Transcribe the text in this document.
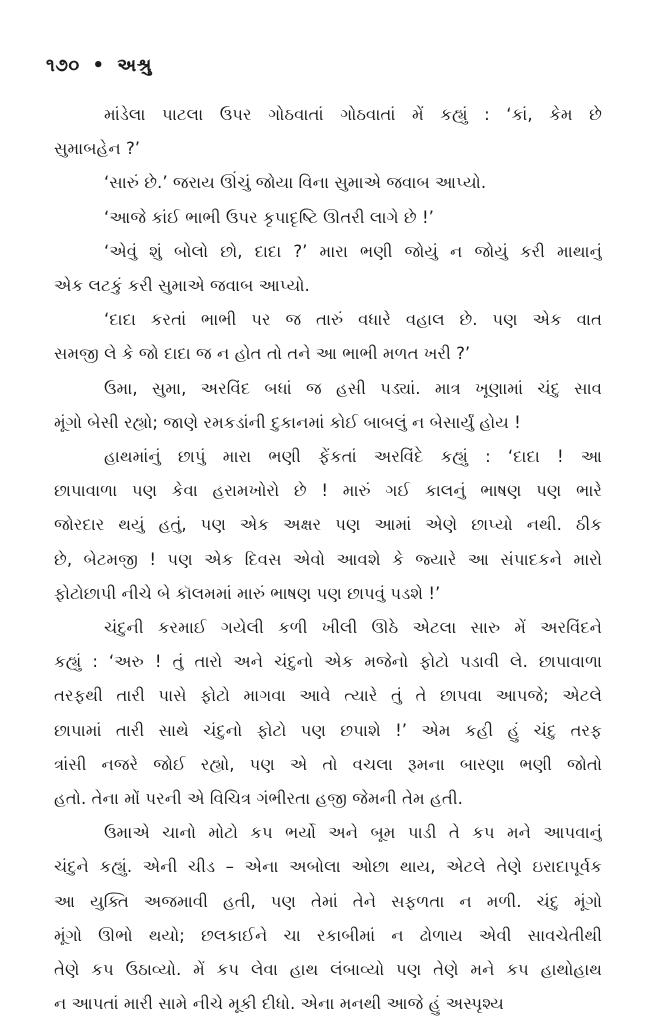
૧૭૦ • અશ્રુ
માંડેલા પાટલા ઉપર ગોઠવાતાં ગોઠવાતાં મેં કહ્યું : ‘કાં, કેમ છે
સુમાબહેન ?’
‘સારું છે.’ જરાય ઊંચું જોયા વિના સુમાએ જવાબ આપ્યો.
‘આજે કાંઈ ભાભી ઉપર કૃપાદૃષ્ટિ ઊતરી લાગે છે !’
‘એવું શું બોલો છો, દાદા ?’ મારા ભણી જોયું ન જોયું કરી માથાનું
એક લટકું કરી સુમાએ જવાબ આપ્યો.
‘દાદા કરતાં ભાભી પર જ તારું વધારે વહાલ છે. પણ એક વાત
સમજી લે કે જો દાદા જ ન હોત તો તને આ ભાભી મળત ખરી ?’
ઉમા, સુમા, અરવિંદ બધાં જ હસી પડ્યાં. માત્ર ખૂણામાં ચંદુ સાવ
મૂંગો બેસી રહ્યો; જાણે રમકડાંની દુકાનમાં કોઈ બાબલું ન બેસાર્યું હોય !
હાથમાંનું છાપું મારા ભણી ફેંકતાં અરવિંદે કહ્યું : ‘દાદા ! આ
છાપાવાળા પણ કેવા હરામખોરો છે ! મારું ગઈ કાલનું ભાષણ પણ ભારે
જોરદાર થયું હતું, પણ એક અક્ષર પણ આમાં એણે છાપ્યો નથી. ઠીક
છે, બેટમજી ! પણ એક દિવસ એવો આવશે કે જ્યારે આ સંપાદકને મારો
ફોટોછાપી નીચે બે કૉલમમાં મારું ભાષણ પણ છાપવું પડશે !’
ચંદુની કરમાઈ ગયેલી કળી ખીલી ઊઠે એટલા સારુ મેં અરવિંદને
કહ્યું : ‘અરુ ! તું તારો અને ચંદુનો એક મજેનો ફોટો પડાવી લે. છાપાવાળા
તરફથી તારી પાસે ફોટો માગવા આવે ત્યારે તું તે છાપવા આપજે; એટલે
છાપામાં તારી સાથે ચંદુનો ફોટો પણ છપાશે !’ એમ કહી હું ચંદુ તરફ
ત્રાંસી નજરે જોઈ રહ્યો, પણ એ તો વચલા રૂમના બારણા ભણી જોતો
હતો. તેના મોં પરની એ વિચિત્ર ગંભીરતા હજી જેમની તેમ હતી.
ઉમાએ ચાનો મોટો કપ ભર્યો અને બૂમ પાડી તે કપ મને આપવાનું
ચંદુને કહ્યું. એની ચીડ – એના અબોલા ઓછા થાય, એટલે તેણે ઇરાદાપૂર્વક
આ યુક્તિ અજમાવી હતી, પણ તેમાં તેને સફળતા ન મળી. ચંદુ મૂંગો
મૂંગો ઊભો થયો; છલકાઈને ચા રકાબીમાં ન ઢોળાય એવી સાવચેતીથી
તેણે કપ ઉઠાવ્યો. મેં કપ લેવા હાથ લંબાવ્યો પણ તેણે મને કપ હાથોહાથ
ન આપતાં મારી સામે નીચે મૂકી દીધો. એના મનથી આજે હું અસ્પૃશ્ય
